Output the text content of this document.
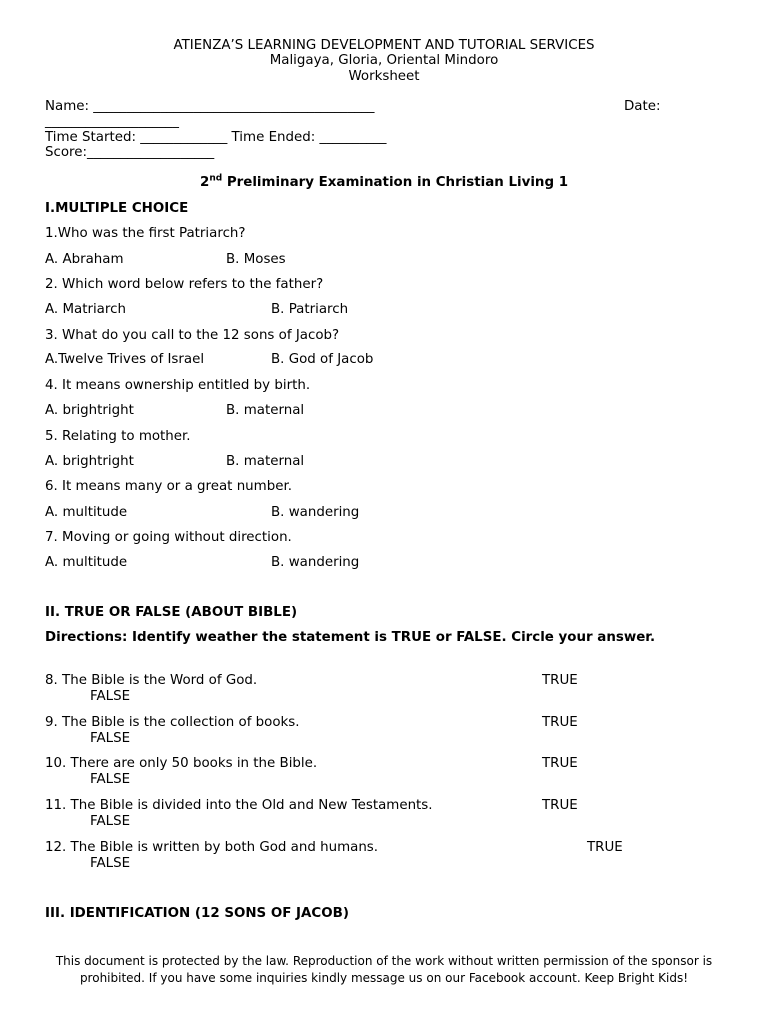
ATIENZA’S LEARNING DEVELOPMENT AND TUTORIAL SERVICES
Maligaya, Gloria, Oriental Mindoro
Worksheet
Name: __________________________________________	Date:
____________________
Time Started: _____________ Time Ended: __________
Score:___________________
2nd Preliminary Examination in Christian Living 1
I.MULTIPLE CHOICE
1.Who was the first Patriarch?
A. Abraham	B. Moses
2. Which word below refers to the father?
A. Matriarch	B. Patriarch
3. What do you call to the 12 sons of Jacob?
A.Twelve Trives of Israel	B. God of Jacob
4. It means ownership entitled by birth.
A. brightright	B. maternal
5. Relating to mother.
A. brightright	B. maternal
6. It means many or a great number.
A. multitude	B. wandering
7. Moving or going without direction.
A. multitude	B. wandering
II. TRUE OR FALSE (ABOUT BIBLE)
Directions: Identify weather the statement is TRUE or FALSE. Circle your answer.
8. The Bible is the Word of God.	TRUE
FALSE
9. The Bible is the collection of books.	TRUE
FALSE
10. There are only 50 books in the Bible.	TRUE
FALSE
11. The Bible is divided into the Old and New Testaments.	TRUE
FALSE
12. The Bible is written by both God and humans.	TRUE
FALSE
III. IDENTIFICATION (12 SONS OF JACOB)
This document is protected by the law. Reproduction of the work without written permission of the sponsor is prohibited. If you have some inquiries kindly message us on our Facebook account. Keep Bright Kids!
